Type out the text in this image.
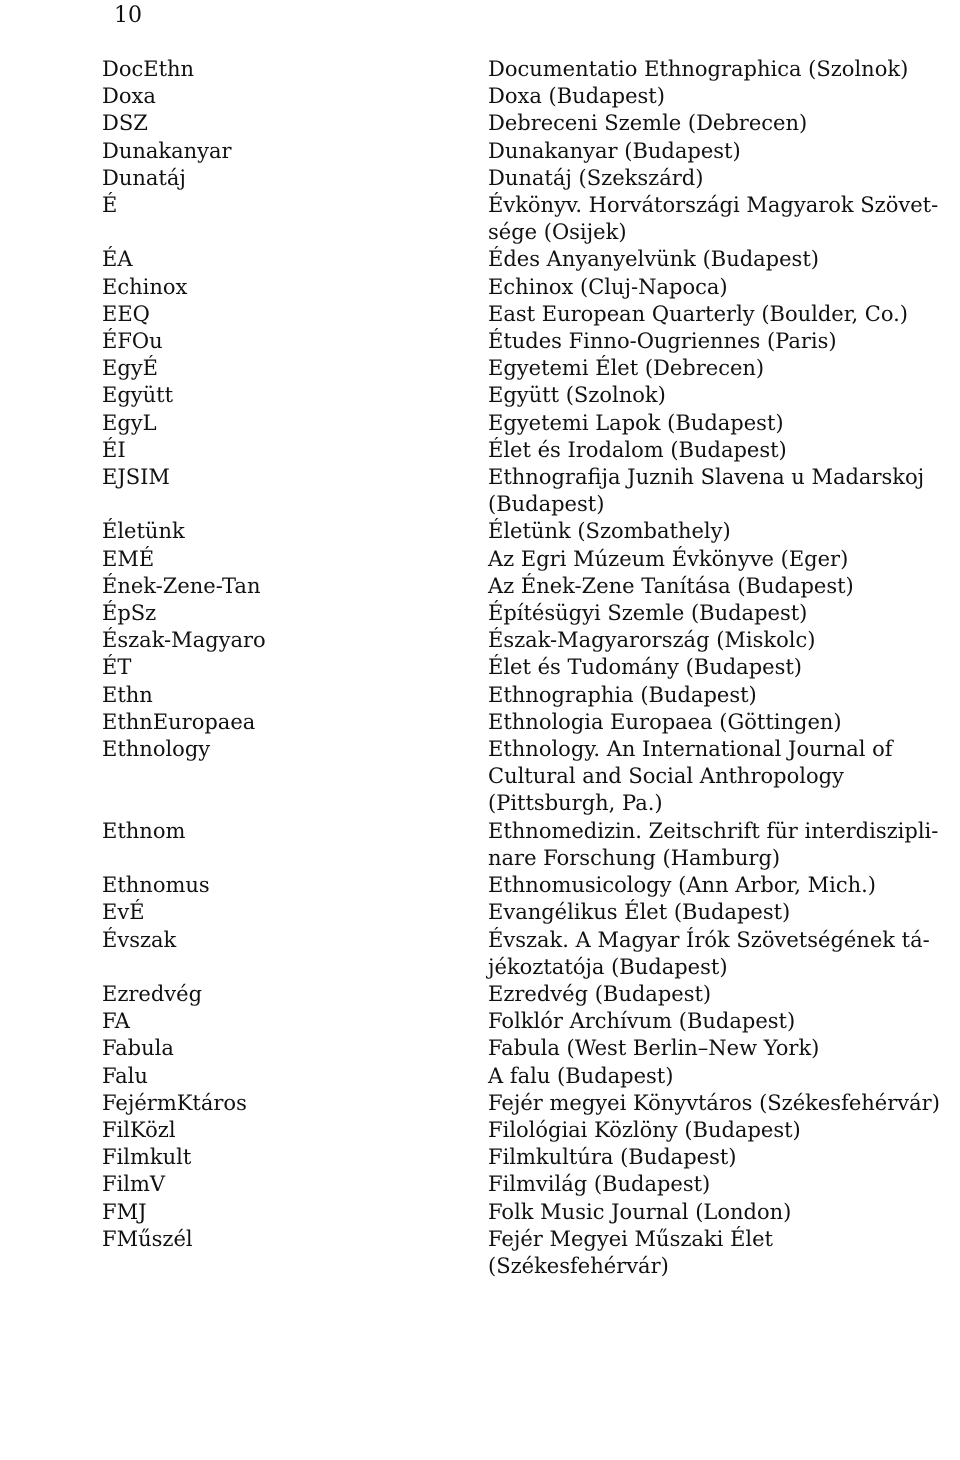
10
DocEthn	Documentatio Ethnographica (Szolnok)
Doxa	Doxa (Budapest)
DSZ	Debreceni Szemle (Debrecen)
Dunakanyar	Dunakanyar (Budapest)
Dunatáj	Dunatáj (Szekszárd)
É	Évkönyv. Horvátországi Magyarok Szövet-
sége (Osijek)
ÉA	Édes Anyanyelvünk (Budapest)
Echinox	Echinox (Cluj-Napoca)
EEQ	East European Quarterly (Boulder, Co.)
ÉFOu	Études Finno-Ougriennes (Paris)
EgyÉ	Egyetemi Élet (Debrecen)
Együtt	Együtt (Szolnok)
EgyL	Egyetemi Lapok (Budapest)
ÉI	Élet és Irodalom (Budapest)
EJSIM	Ethnografija Juznih Slavena u Madarskoj
(Budapest)
Életünk	Életünk (Szombathely)
EMÉ	Az Egri Múzeum Évkönyve (Eger)
Ének-Zene-Tan	Az Ének-Zene Tanítása (Budapest)
ÉpSz	Építésügyi Szemle (Budapest)
Észak-Magyaro	Észak-Magyarország (Miskolc)
ÉT	Élet és Tudomány (Budapest)
Ethn	Ethnographia (Budapest)
EthnEuropaea	Ethnologia Europaea (Göttingen)
Ethnology	Ethnology. An International Journal of
Cultural and Social Anthropology
(Pittsburgh, Pa.)
Ethnom	Ethnomedizin. Zeitschrift für interdiszipli-
nare Forschung (Hamburg)
Ethnomus	Ethnomusicology (Ann Arbor, Mich.)
EvÉ	Evangélikus Élet (Budapest)
Évszak	Évszak. A Magyar Írók Szövetségének tá-
jékoztatója (Budapest)
Ezredvég	Ezredvég (Budapest)
FA	Folklór Archívum (Budapest)
Fabula	Fabula (West Berlin–New York)
Falu	A falu (Budapest)
FejérmKtáros	Fejér megyei Könyvtáros (Székesfehérvár)
FilKözl	Filológiai Közlöny (Budapest)
Filmkult	Filmkultúra (Budapest)
FilmV	Filmvilág (Budapest)
FMJ	Folk Music Journal (London)
FMűszél	Fejér Megyei Műszaki Élet
(Székesfehérvár)
